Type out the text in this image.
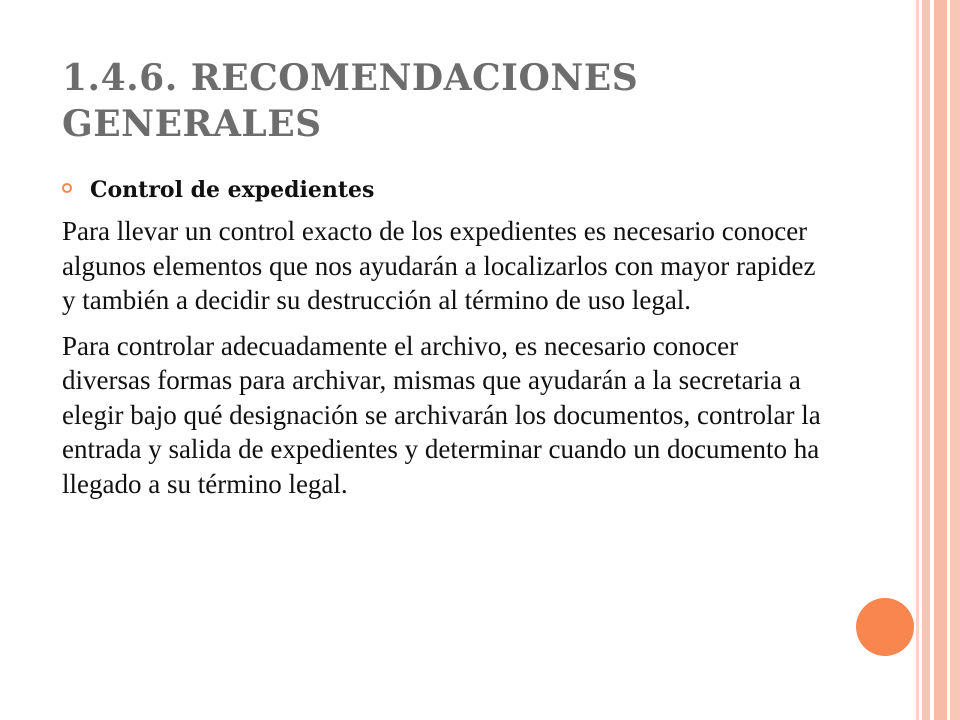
1.4.6. RECOMENDACIONES GENERALES
Control de expedientes

Para llevar un control exacto de los expedientes es necesario conocer algunos elementos que nos ayudarán a localizarlos con mayor rapidez y también a decidir su destrucción al término de uso legal.

Para controlar adecuadamente el archivo, es necesario conocer diversas formas para archivar, mismas que ayudarán a la secretaria a elegir bajo qué designación se archivarán los documentos, controlar la entrada y salida de expedientes y determinar cuando un documento ha llegado a su término legal.
